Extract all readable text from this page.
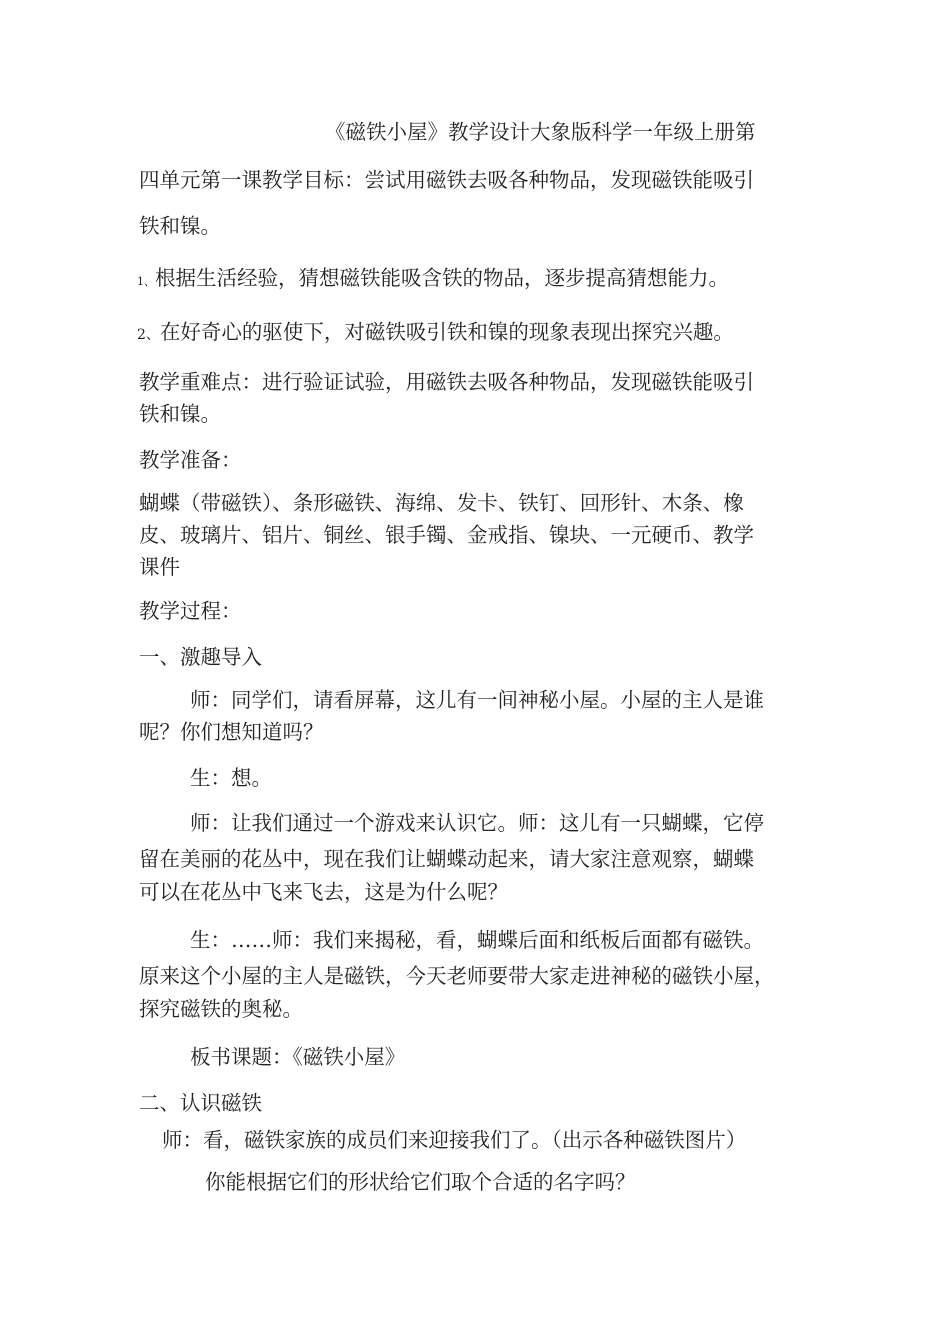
《磁铁小屋》教学设计大象版科学一年级上册第
四单元第一课教学目标：尝试用磁铁去吸各种物品，发现磁铁能吸引
铁和镍。
1、根据生活经验，猜想磁铁能吸含铁的物品，逐步提高猜想能力。
2、在好奇心的驱使下，对磁铁吸引铁和镍的现象表现出探究兴趣。
教学重难点：进行验证试验，用磁铁去吸各种物品，发现磁铁能吸引
铁和镍。
教学准备：
蝴蝶（带磁铁）、条形磁铁、海绵、发卡、铁钉、回形针、木条、橡
皮、玻璃片、铝片、铜丝、银手镯、金戒指、镍块、一元硬币、教学
课件
教学过程：
一、激趣导入
师：同学们，请看屏幕，这儿有一间神秘小屋。小屋的主人是谁
呢？你们想知道吗？
生：想。
师：让我们通过一个游戏来认识它。师：这儿有一只蝴蝶，它停
留在美丽的花丛中，现在我们让蝴蝶动起来，请大家注意观察，蝴蝶
可以在花丛中飞来飞去，这是为什么呢？
生：……师：我们来揭秘，看，蝴蝶后面和纸板后面都有磁铁。
原来这个小屋的主人是磁铁，今天老师要带大家走进神秘的磁铁小屋，
探究磁铁的奥秘。
板书课题：《磁铁小屋》
二、认识磁铁
师：看，磁铁家族的成员们来迎接我们了。（出示各种磁铁图片）
你能根据它们的形状给它们取个合适的名字吗？
